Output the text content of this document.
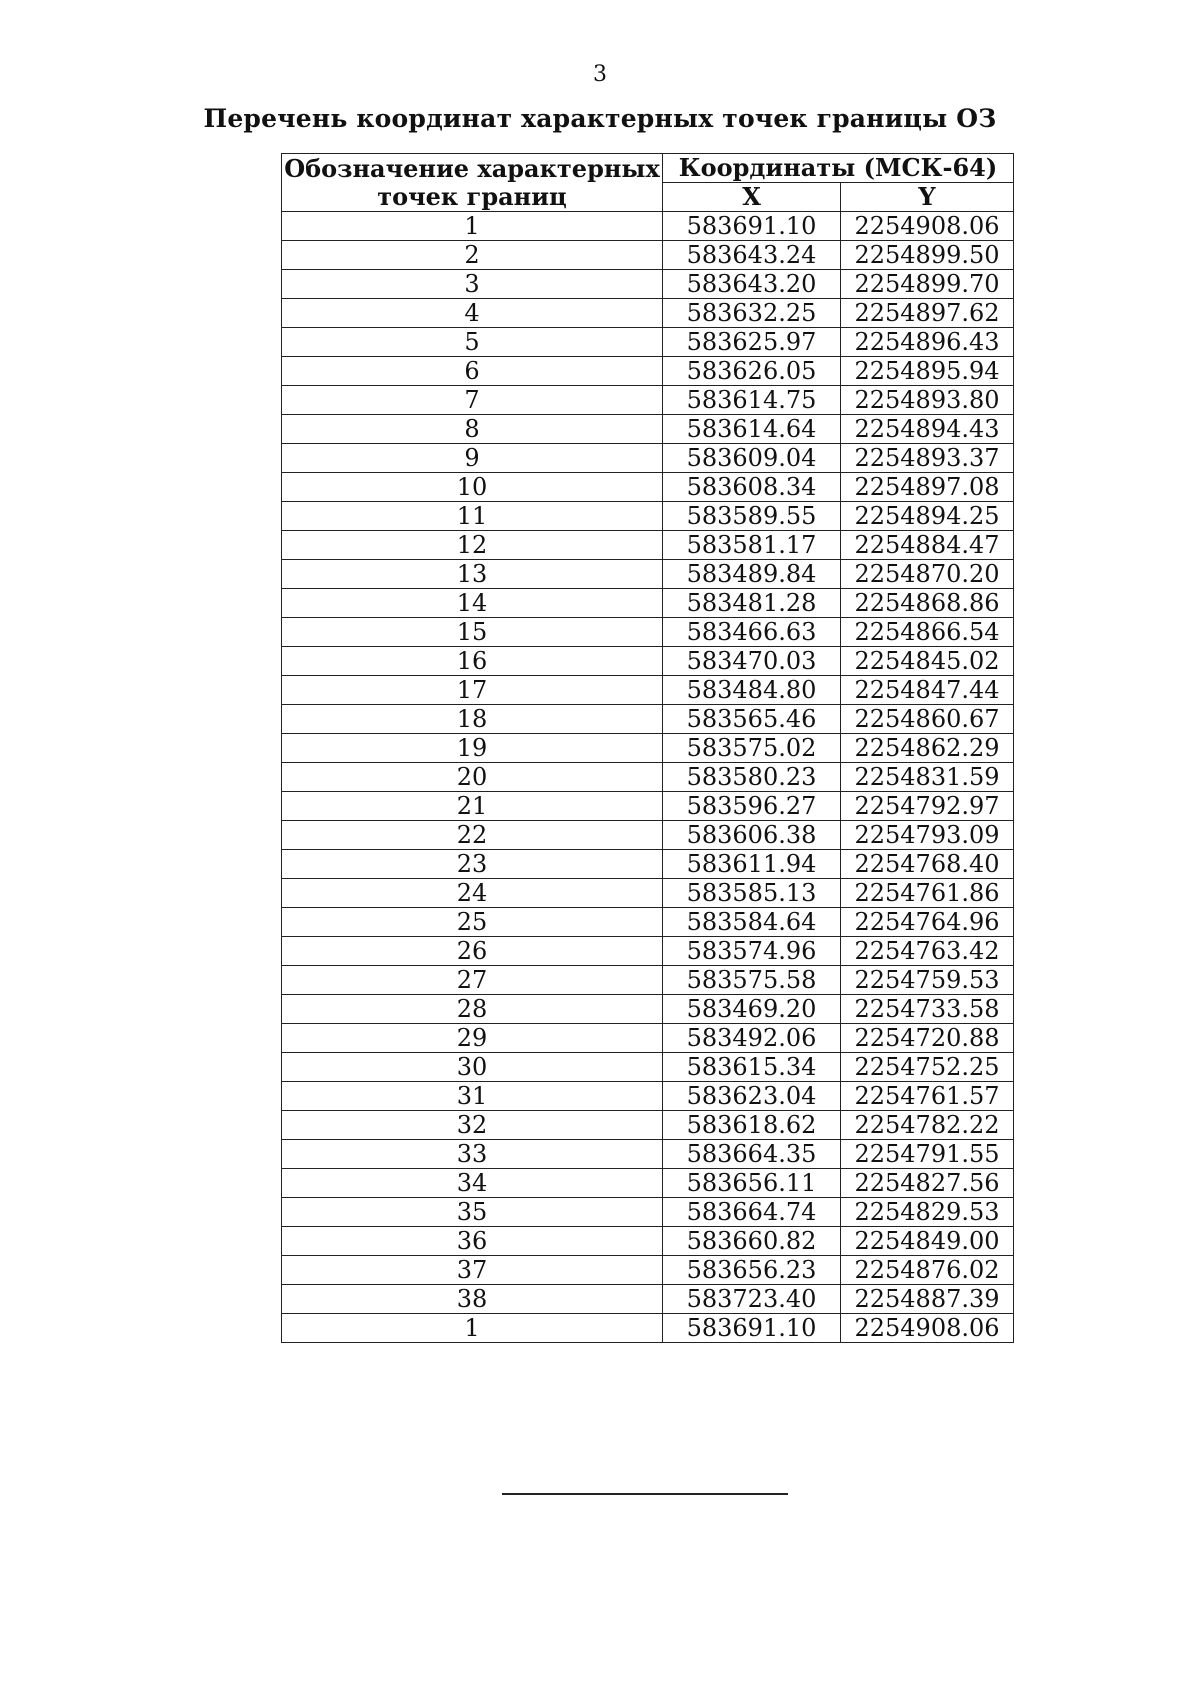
3
Перечень координат характерных точек границы ОЗ
Обозначение характерных точек границ	Координаты (МСК-64)	
	X	Y
1	583691.10	2254908.06
2	583643.24	2254899.50
3	583643.20	2254899.70
4	583632.25	2254897.62
5	583625.97	2254896.43
6	583626.05	2254895.94
7	583614.75	2254893.80
8	583614.64	2254894.43
9	583609.04	2254893.37
10	583608.34	2254897.08
11	583589.55	2254894.25
12	583581.17	2254884.47
13	583489.84	2254870.20
14	583481.28	2254868.86
15	583466.63	2254866.54
16	583470.03	2254845.02
17	583484.80	2254847.44
18	583565.46	2254860.67
19	583575.02	2254862.29
20	583580.23	2254831.59
21	583596.27	2254792.97
22	583606.38	2254793.09
23	583611.94	2254768.40
24	583585.13	2254761.86
25	583584.64	2254764.96
26	583574.96	2254763.42
27	583575.58	2254759.53
28	583469.20	2254733.58
29	583492.06	2254720.88
30	583615.34	2254752.25
31	583623.04	2254761.57
32	583618.62	2254782.22
33	583664.35	2254791.55
34	583656.11	2254827.56
35	583664.74	2254829.53
36	583660.82	2254849.00
37	583656.23	2254876.02
38	583723.40	2254887.39
1	583691.10	2254908.06
